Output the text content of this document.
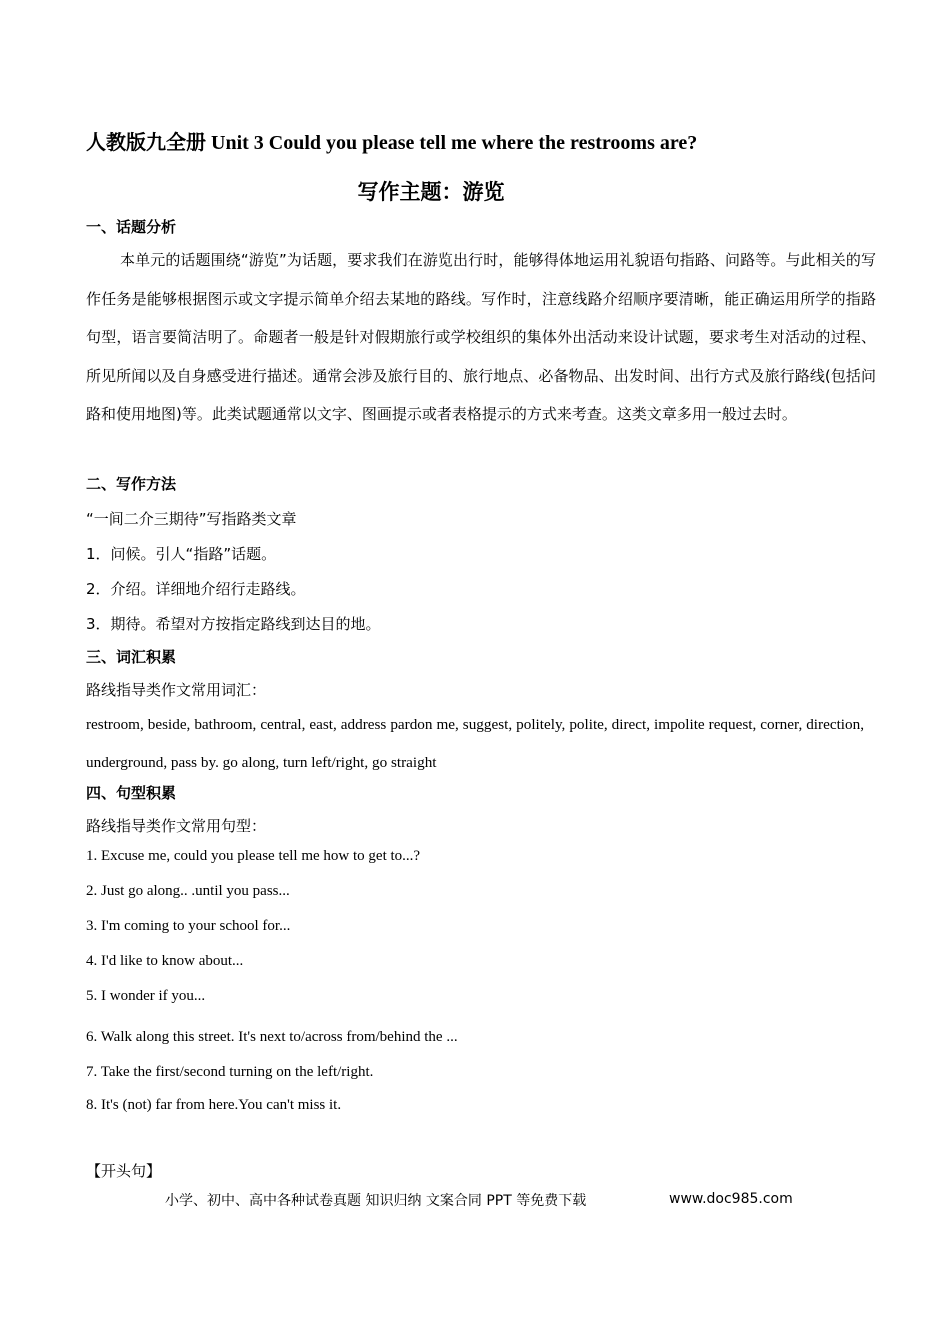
人教版九全册 Unit 3 Could you please tell me where the restrooms are?
写作主题：游览
一、话题分析
本单元的话题围绕“游览”为话题，要求我们在游览出行时，能够得体地运用礼貌语句指路、问路等。与此相关的写作任务是能够根据图示或文字提示简单介绍去某地的路线。写作时，注意线路介绍顺序要清晰，能正确运用所学的指路句型，语言要简洁明了。命题者一般是针对假期旅行或学校组织的集体外出活动来设计试题，要求考生对活动的过程、所见所闻以及自身感受进行描述。通常会涉及旅行目的、旅行地点、必备物品、出发时间、出行方式及旅行路线(包括问路和使用地图)等。此类试题通常以文字、图画提示或者表格提示的方式来考查。这类文章多用一般过去时。
二、写作方法
“一间二介三期待”写指路类文章
1．问候。引人“指路”话题。
2．介绍。详细地介绍行走路线。
3．期待。希望对方按指定路线到达目的地。
三、词汇积累
路线指导类作文常用词汇：
restroom, beside, bathroom, central, east, address pardon me, suggest, politely, polite, direct, impolite request, corner, direction, underground, pass by. go along, turn left/right, go straight
四、句型积累
路线指导类作文常用句型：
1. Excuse me, could you please tell me how to get to...?
2. Just go along.. .until you pass...
3. I'm coming to your school for...
4. I'd like to know about...
5. I wonder if you...
6. Walk along this street. It's next to/across from/behind the ...
7. Take the first/second turning on the left/right.
8. It's (not) far from here.You can't miss it.
【开头句】
小学、初中、高中各种试卷真题 知识归纳 文案合同 PPT 等免费下载	www.doc985.com
